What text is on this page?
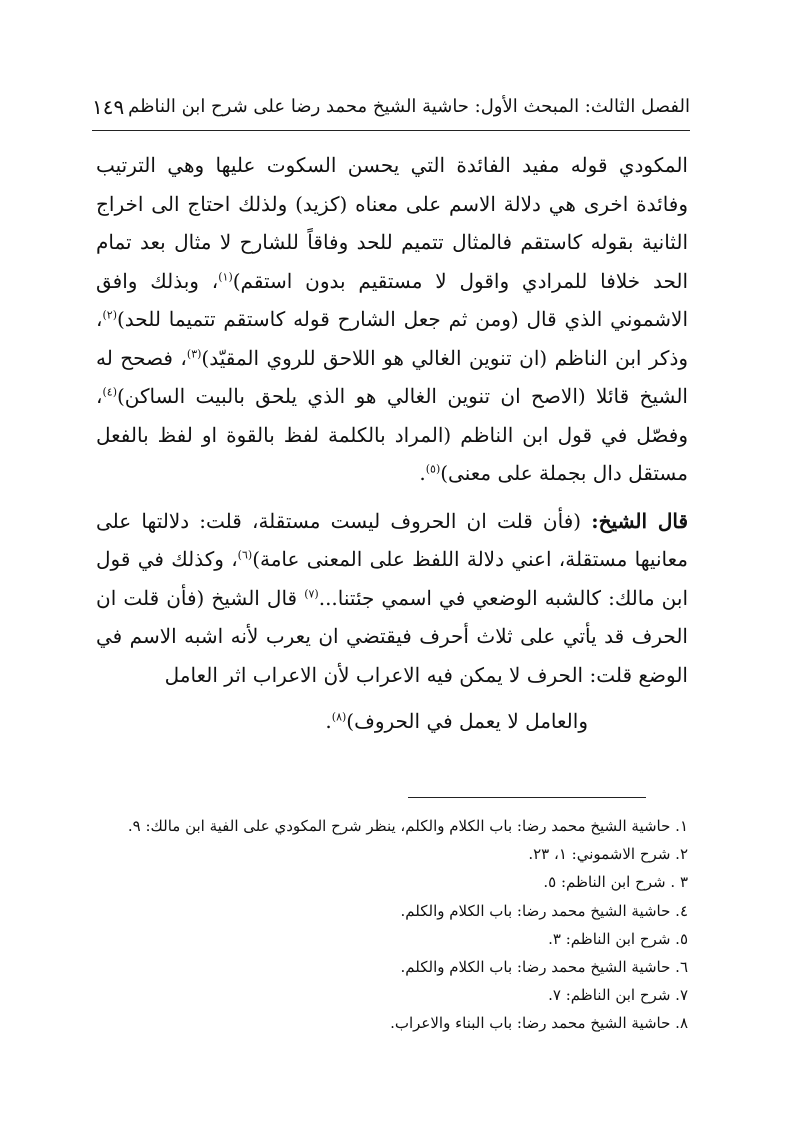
الفصل الثالث: المبحث الأول: حاشية الشيخ محمد رضا على شرح ابن الناظم
١٤٩

المكودي قوله مفيد الفائدة التي يحسن السكوت عليها وهي الترتيب وفائدة اخرى هي دلالة الاسم على معناه (كزيد) ولذلك احتاج الى اخراج الثانية بقوله كاستقم فالمثال تتميم للحد وفاقاً للشارح لا مثال بعد تمام الحد خلافا للمرادي واقول لا مستقيم بدون استقم)$^{(١)}$، وبذلك وافق الاشموني الذي قال (ومن ثم جعل الشارح قوله كاستقم تتميما للحد)$^{(٢)}$، وذكر ابن الناظم (ان تنوين الغالي هو اللاحق للروي المقيّد)$^{(٣)}$، فصحح له الشيخ قائلا (الاصح ان تنوين الغالي هو الذي يلحق بالبيت الساكن)$^{(٤)}$، وفصّل في قول ابن الناظم (المراد بالكلمة لفظ بالقوة او لفظ بالفعل مستقل دال بجملة على معنى)$^{(٥)}$.

قال الشيخ: (فأن قلت ان الحروف ليست مستقلة، قلت: دلالتها على معانيها مستقلة، اعني دلالة اللفظ على المعنى عامة)$^{(٦)}$، وكذلك في قول ابن مالك: كالشبه الوضعي في اسمي جئتنا...$^{(٧)}$ قال الشيخ (فأن قلت ان الحرف قد يأتي على ثلاث أحرف فيقتضي ان يعرب لأنه اشبه الاسم في الوضع قلت: الحرف لا يمكن فيه الاعراب لأن الاعراب اثر العامل

والعامل لا يعمل في الحروف)$^{(٨)}$.

١. حاشية الشيخ محمد رضا: باب الكلام والكلم، ينظر شرح المكودي على الفية ابن مالك: ٩.

٢. شرح الاشموني: ١، ٢٣.

٣ . شرح ابن الناظم: ٥.

٤. حاشية الشيخ محمد رضا: باب الكلام والكلم.

٥. شرح ابن الناظم: ٣.

٦. حاشية الشيخ محمد رضا: باب الكلام والكلم.

٧. شرح ابن الناظم: ٧.

٨. حاشية الشيخ محمد رضا: باب البناء والاعراب.
